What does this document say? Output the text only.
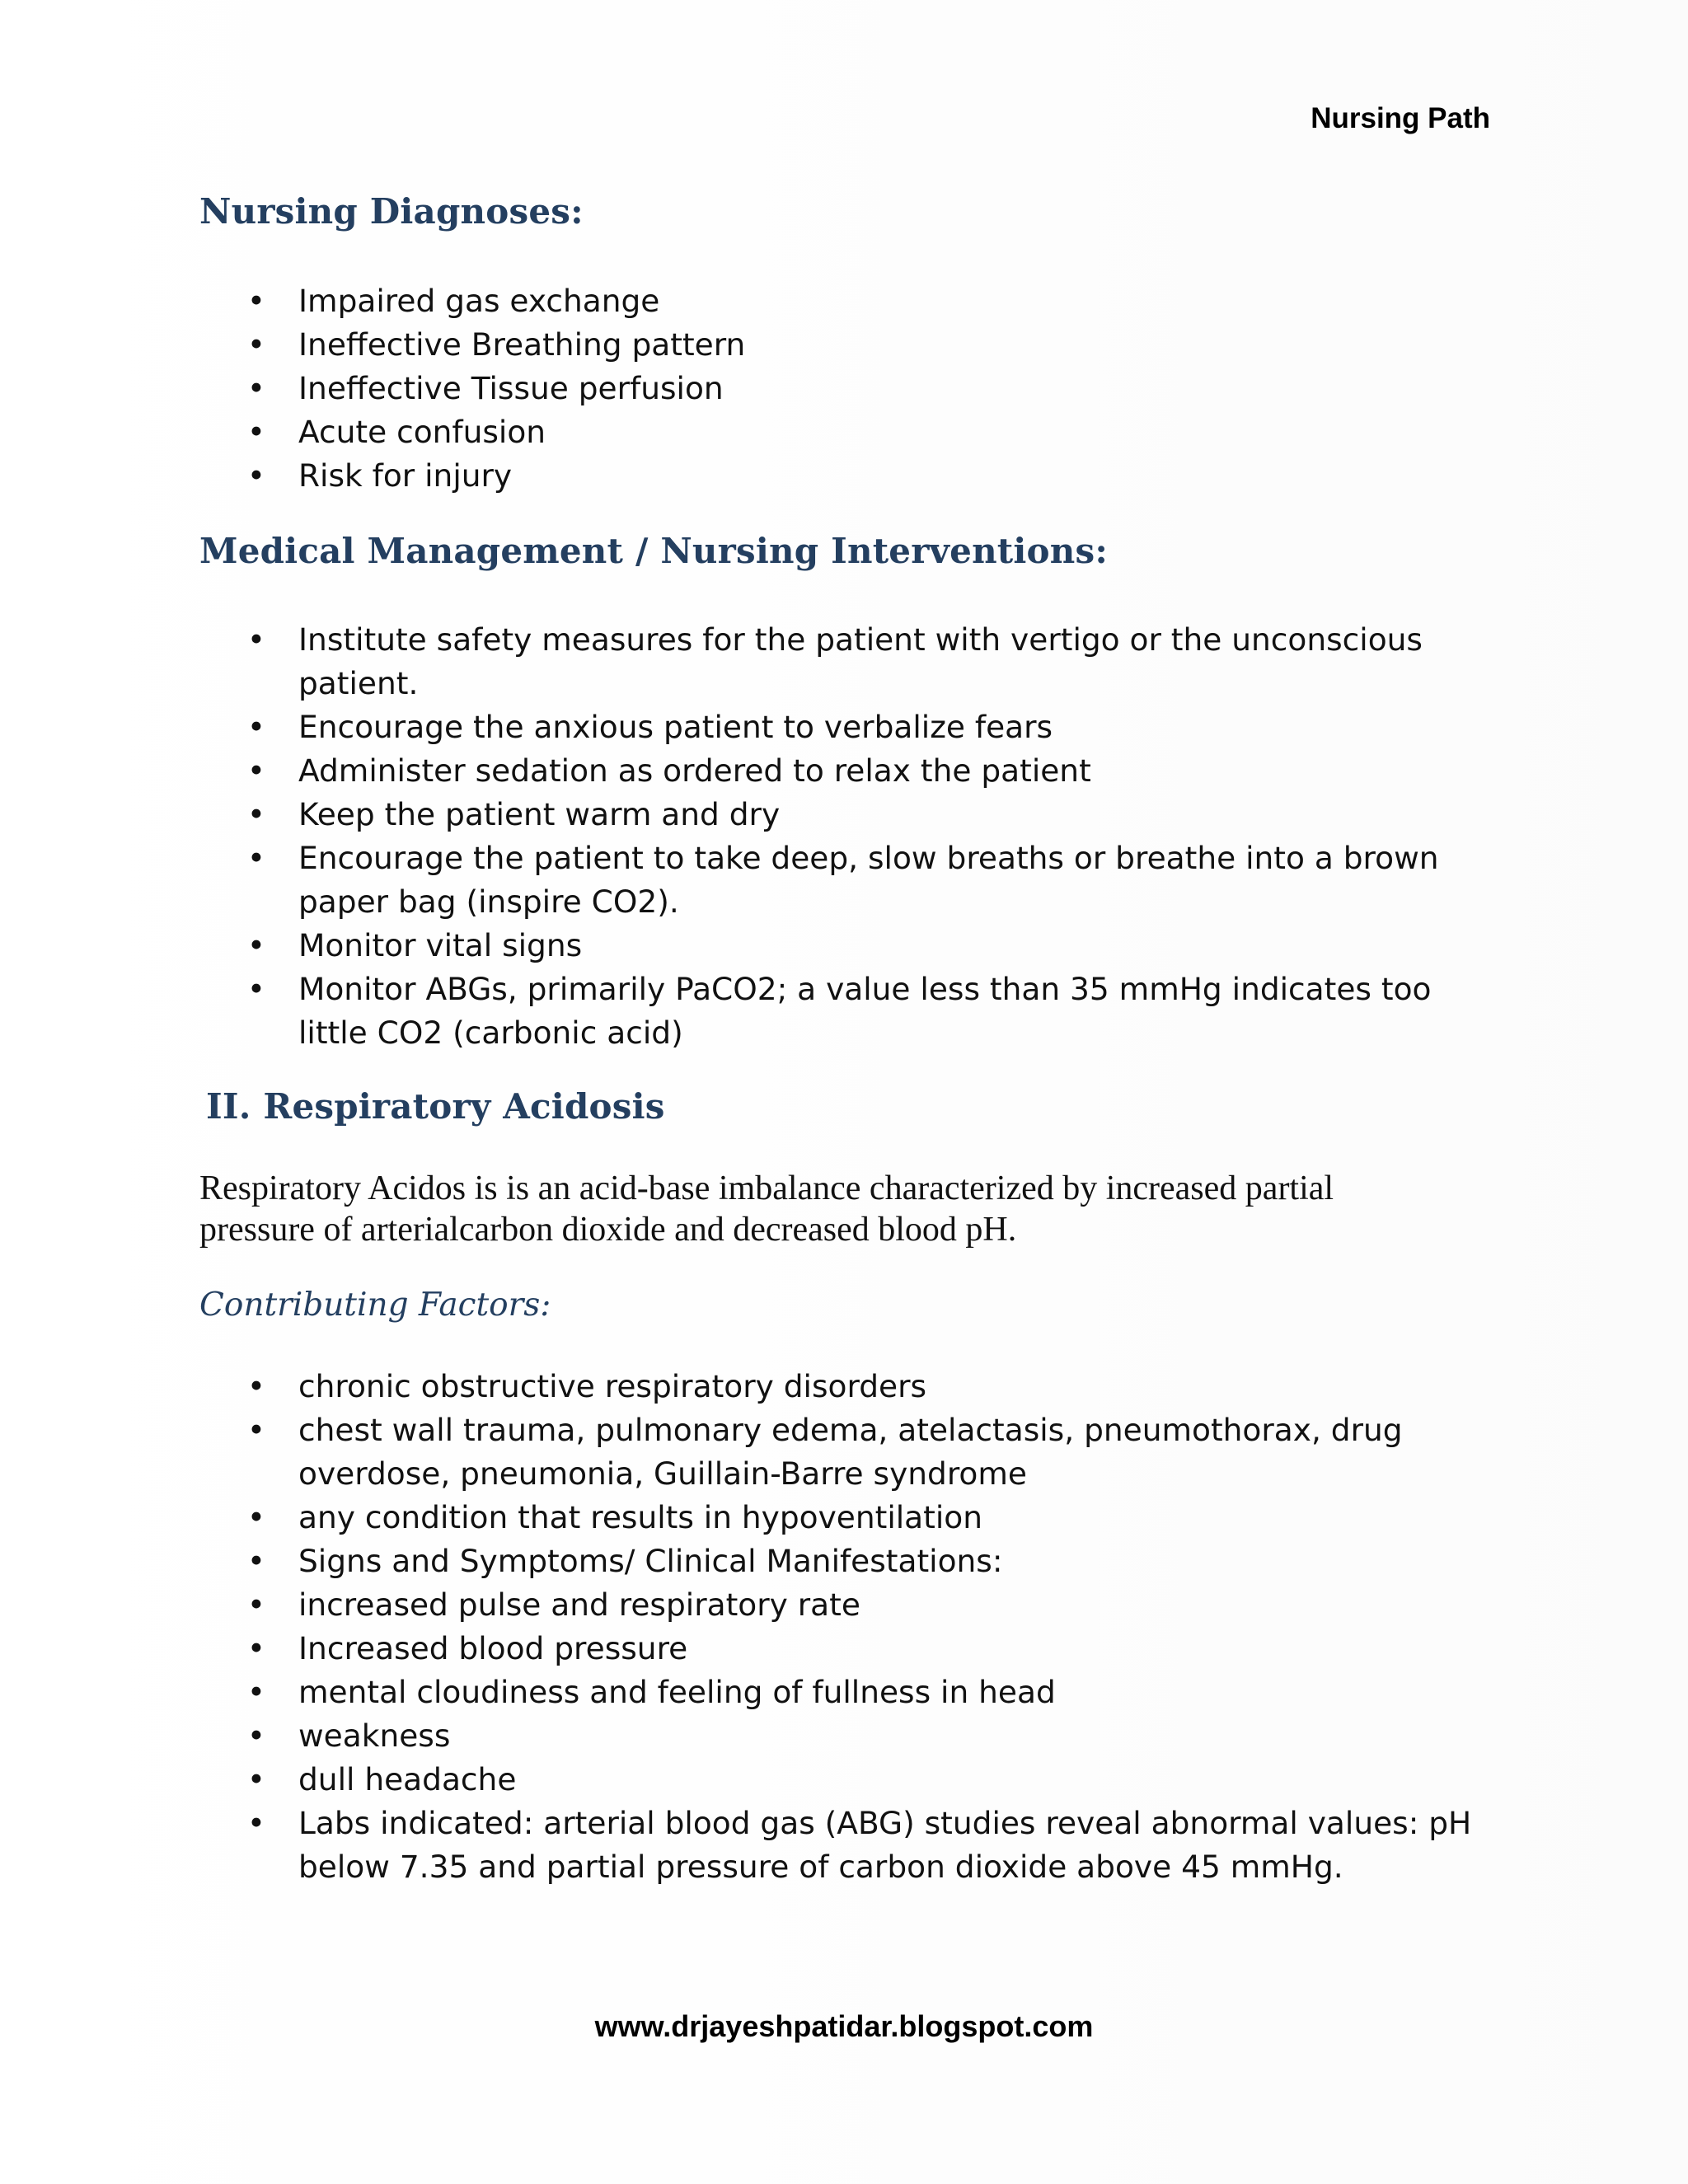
Nursing Path
Nursing Diagnoses:
• Impaired gas exchange
• Ineffective Breathing pattern
• Ineffective Tissue perfusion
• Acute confusion
• Risk for injury
Medical Management / Nursing Interventions:
• Institute safety measures for the patient with vertigo or the unconscious patient.
• Encourage the anxious patient to verbalize fears
• Administer sedation as ordered to relax the patient
• Keep the patient warm and dry
• Encourage the patient to take deep, slow breaths or breathe into a brown paper bag (inspire CO2).
• Monitor vital signs
• Monitor ABGs, primarily PaCO2; a value less than 35 mmHg indicates too little CO2 (carbonic acid)
II. Respiratory Acidosis

Respiratory Acidos is is an acid-base imbalance characterized by increased partial pressure of arterialcarbon dioxide and decreased blood pH.

Contributing Factors:

• chronic obstructive respiratory disorders
• chest wall trauma, pulmonary edema, atelactasis, pneumothorax, drug overdose, pneumonia, Guillain-Barre syndrome
• any condition that results in hypoventilation
• Signs and Symptoms/ Clinical Manifestations:
• increased pulse and respiratory rate
• Increased blood pressure
• mental cloudiness and feeling of fullness in head
• weakness
• dull headache
• Labs indicated: arterial blood gas (ABG) studies reveal abnormal values: pH below 7.35 and partial pressure of carbon dioxide above 45 mmHg.
www.drjayeshpatidar.blogspot.com
